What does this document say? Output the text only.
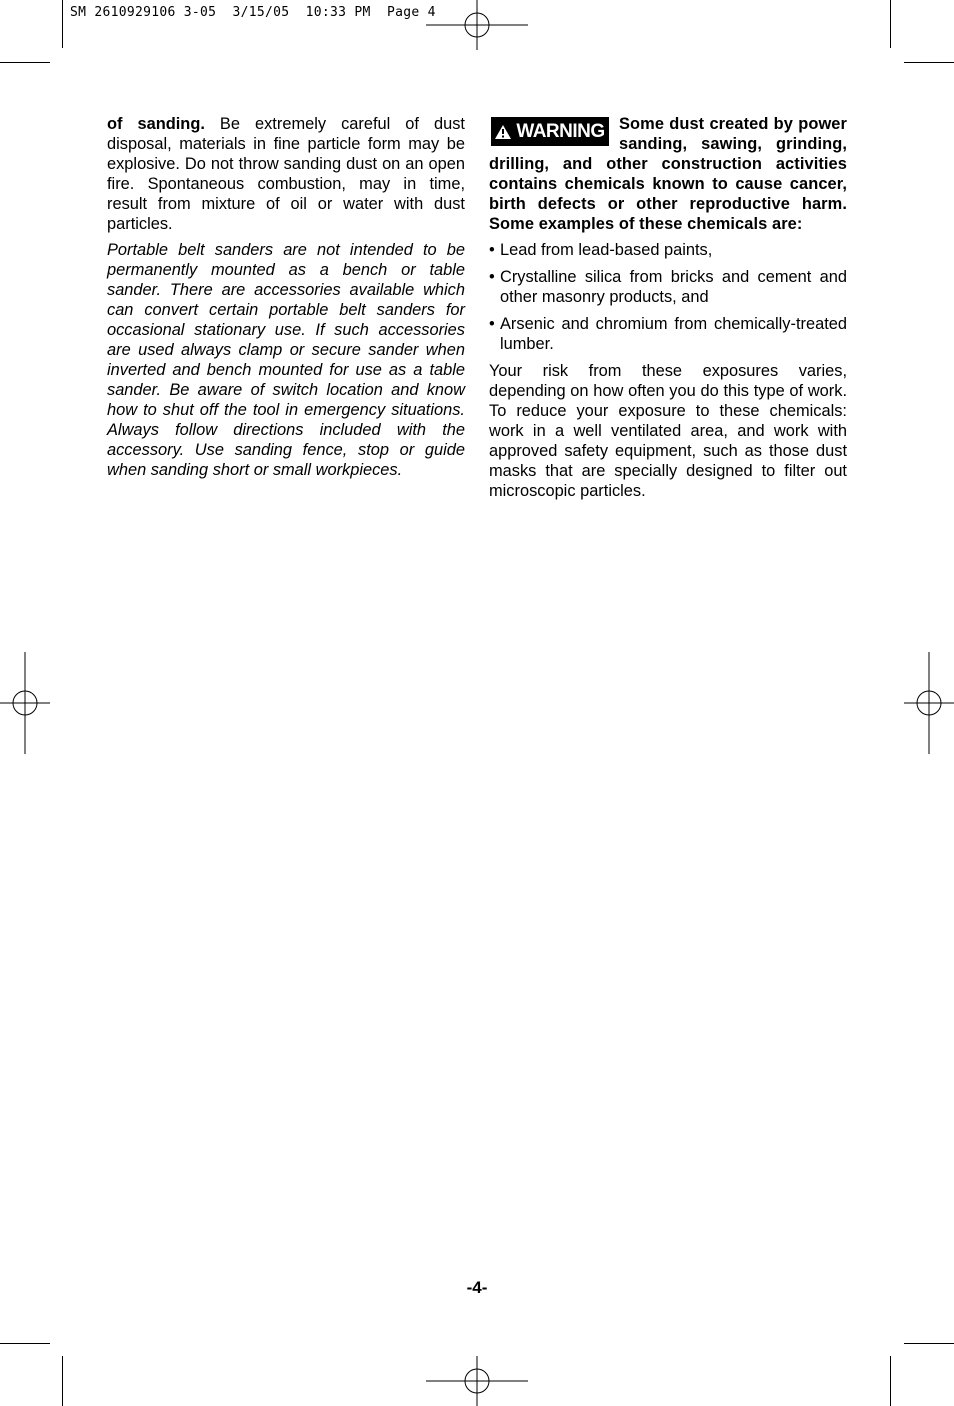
SM 2610929106 3-05  3/15/05  10:33 PM  Page 4

of sanding. Be extremely careful of dust disposal, materials in fine particle form may be explosive. Do not throw sanding dust on an open fire. Spontaneous combustion, may in time, result from mixture of oil or water with dust particles.

Portable belt sanders are not intended to be permanently mounted as a bench or table sander. There are accessories available which can convert certain portable belt sanders for occasional stationary use. If such accessories are used always clamp or secure sander when inverted and bench mounted for use as a table sander. Be aware of switch location and know how to shut off the tool in emergency situations. Always follow directions included with the accessory. Use sanding fence, stop or guide when sanding short or small workpieces.

WARNING Some dust created by power sanding, sawing, grinding, drilling, and other construction activities contains chemicals known to cause cancer, birth defects or other reproductive harm. Some examples of these chemicals are:
• Lead from lead-based paints,
• Crystalline silica from bricks and cement and other masonry products, and
• Arsenic and chromium from chemically-treated lumber.

Your risk from these exposures varies, depending on how often you do this type of work. To reduce your exposure to these chemicals: work in a well ventilated area, and work with approved safety equipment, such as those dust masks that are specially designed to filter out microscopic particles.

-4-
